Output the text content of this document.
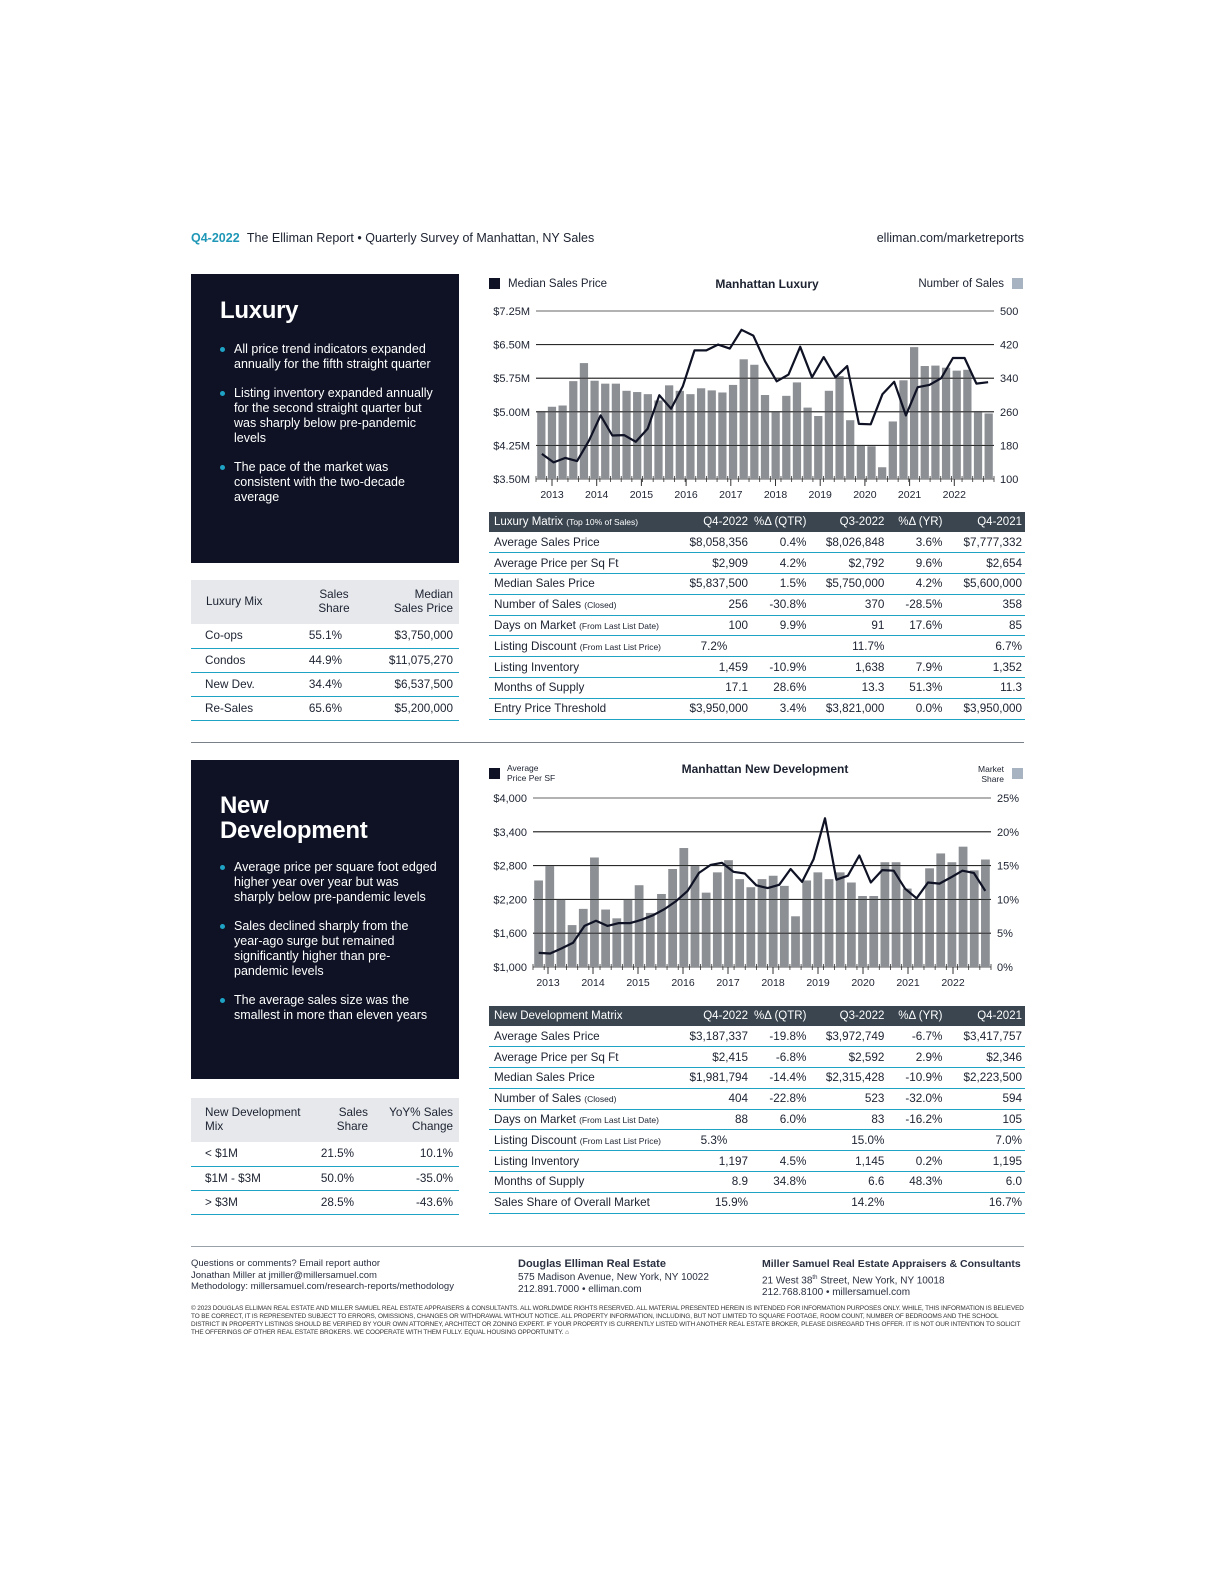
Q4-2022 The Elliman Report • Quarterly Survey of Manhattan, NY Sales	elliman.com/marketreports
Luxury
All price trend indicators expanded annually for the fifth straight quarter
Listing inventory expanded annually for the second straight quarter but was sharply below pre-pandemic levels
The pace of the market was consistent with the two-decade average
Luxury Mix	Sales Share	Median Sales Price
Co-ops	55.1%	$3,750,000
Condos	44.9%	$11,075,270
New Dev.	34.4%	$6,537,500
Re-Sales	65.6%	$5,200,000
Median Sales Price	Manhattan Luxury	Number of Sales
$3.50M	100
$4.25M	180
$5.00M	260
$5.75M	340
$6.50M	420
$7.25M	500
2013 2014 2015 2016 2017 2018 2019 2020 2021 2022
Luxury Matrix (Top 10% of Sales)	Q4-2022	%Δ (QTR)	Q3-2022	%Δ (YR)	Q4-2021
Average Sales Price	$8,058,356	0.4%	$8,026,848	3.6%	$7,777,332
Average Price per Sq Ft	$2,909	4.2%	$2,792	9.6%	$2,654
Median Sales Price	$5,837,500	1.5%	$5,750,000	4.2%	$5,600,000
Number of Sales (Closed)	256	-30.8%	370	-28.5%	358
Days on Market (From Last List Date)	100	9.9%	91	17.6%	85
Listing Discount (From Last List Price)	7.2%		11.7%		6.7%
Listing Inventory	1,459	-10.9%	1,638	7.9%	1,352
Months of Supply	17.1	28.6%	13.3	51.3%	11.3
Entry Price Threshold	$3,950,000	3.4%	$3,821,000	0.0%	$3,950,000
New
Development
Average price per square foot edged higher year over year but was sharply below pre-pandemic levels
Sales declined sharply from the year-ago surge but remained significantly higher than pre-pandemic levels
The average sales size was the smallest in more than eleven years
New Development Mix	Sales Share	YoY% Sales Change
< $1M	21.5%	10.1%
$1M - $3M	50.0%	-35.0%
> $3M	28.5%	-43.6%
Average
Price Per SF
Manhattan New Development	Market
Share
$1,000	0%
$1,600	5%
$2,200	10%
$2,800	15%
$3,400	20%
$4,000	25%
2013 2014 2015 2016 2017 2018 2019 2020 2021 2022
New Development Matrix	Q4-2022	%Δ (QTR)	Q3-2022	%Δ (YR)	Q4-2021
Average Sales Price	$3,187,337	-19.8%	$3,972,749	-6.7%	$3,417,757
Average Price per Sq Ft	$2,415	-6.8%	$2,592	2.9%	$2,346
Median Sales Price	$1,981,794	-14.4%	$2,315,428	-10.9%	$2,223,500
Number of Sales (Closed)	404	-22.8%	523	-32.0%	594
Days on Market (From Last List Date)	88	6.0%	83	-16.2%	105
Listing Discount (From Last List Price)	5.3%		15.0%		7.0%
Listing Inventory	1,197	4.5%	1,145	0.2%	1,195
Months of Supply	8.9	34.8%	6.6	48.3%	6.0
Sales Share of Overall Market	15.9%		14.2%		16.7%
Questions or comments? Email report author
Jonathan Miller at jmiller@millersamuel.com
Methodology: millersamuel.com/research-reports/methodology
Douglas Elliman Real Estate
575 Madison Avenue, New York, NY 10022
212.891.7000 • elliman.com
Miller Samuel Real Estate Appraisers & Consultants
21 West 38th Street, New York, NY 10018
212.768.8100 • millersamuel.com
© 2023 DOUGLAS ELLIMAN REAL ESTATE AND MILLER SAMUEL REAL ESTATE APPRAISERS & CONSULTANTS. ALL WORLDWIDE RIGHTS RESERVED. ALL MATERIAL PRESENTED HEREIN IS INTENDED FOR INFORMATION PURPOSES ONLY. WHILE, THIS INFORMATION IS BELIEVED TO BE CORRECT, IT IS REPRESENTED SUBJECT TO ERRORS, OMISSIONS, CHANGES OR WITHDRAWAL WITHOUT NOTICE. ALL PROPERTY INFORMATION, INCLUDING, BUT NOT LIMITED TO SQUARE FOOTAGE, ROOM COUNT, NUMBER OF BEDROOMS AND THE SCHOOL DISTRICT IN PROPERTY LISTINGS SHOULD BE VERIFIED BY YOUR OWN ATTORNEY, ARCHITECT OR ZONING EXPERT. IF YOUR PROPERTY IS CURRENTLY LISTED WITH ANOTHER REAL ESTATE BROKER, PLEASE DISREGARD THIS OFFER. IT IS NOT OUR INTENTION TO SOLICIT THE OFFERINGS OF OTHER REAL ESTATE BROKERS. WE COOPERATE WITH THEM FULLY. EQUAL HOUSING OPPORTUNITY. ⌂
